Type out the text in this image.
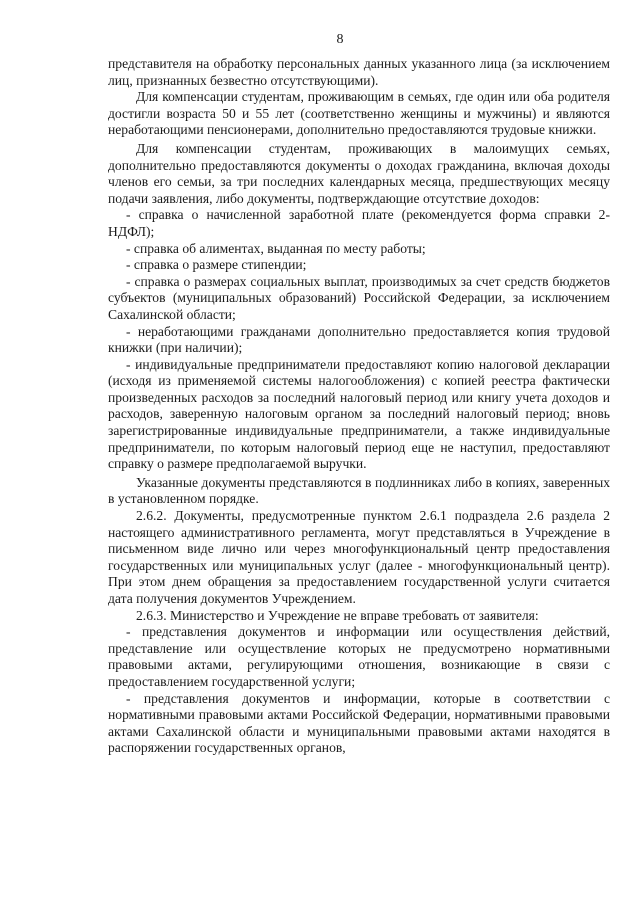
8

представителя на обработку персональных данных указанного лица (за исключением лиц, признанных безвестно отсутствующими).

Для компенсации студентам, проживающим в семьях, где один или оба родителя достигли возраста 50 и 55 лет (соответственно женщины и мужчины) и являются неработающими пенсионерами, дополнительно предоставляются трудовые книжки.

Для компенсации студентам, проживающих в малоимущих семьях, дополнительно предоставляются документы о доходах гражданина, включая доходы членов его семьи, за три последних календарных месяца, предшествующих месяцу подачи заявления, либо документы, подтверждающие отсутствие доходов:

- справка о начисленной заработной плате (рекомендуется форма справки 2-НДФЛ);

- справка об алиментах, выданная по месту работы;

- справка о размере стипендии;

- справка о размерах социальных выплат, производимых за счет средств бюджетов субъектов (муниципальных образований) Российской Федерации, за исключением Сахалинской области;

- неработающими гражданами дополнительно предоставляется копия трудовой книжки (при наличии);

- индивидуальные предприниматели предоставляют копию налоговой декларации (исходя из применяемой системы налогообложения) с копией реестра фактически произведенных расходов за последний налоговый период или книгу учета доходов и расходов, заверенную налоговым органом за последний налоговый период; вновь зарегистрированные индивидуальные предприниматели, а также индивидуальные предприниматели, по которым налоговый период еще не наступил, предоставляют справку о размере предполагаемой выручки.

Указанные документы представляются в подлинниках либо в копиях, заверенных в установленном порядке.

2.6.2. Документы, предусмотренные пунктом 2.6.1 подраздела 2.6 раздела 2 настоящего административного регламента, могут представляться в Учреждение в письменном виде лично или через многофункциональный центр предоставления государственных или муниципальных услуг (далее - многофункциональный центр). При этом днем обращения за предоставлением государственной услуги считается дата получения документов Учреждением.

2.6.3. Министерство и Учреждение не вправе требовать от заявителя:

- представления документов и информации или осуществления действий, представление или осуществление которых не предусмотрено нормативными правовыми актами, регулирующими отношения, возникающие в связи с предоставлением государственной услуги;

- представления документов и информации, которые в соответствии с нормативными правовыми актами Российской Федерации, нормативными правовыми актами Сахалинской области и муниципальными правовыми актами находятся в распоряжении государственных органов,
